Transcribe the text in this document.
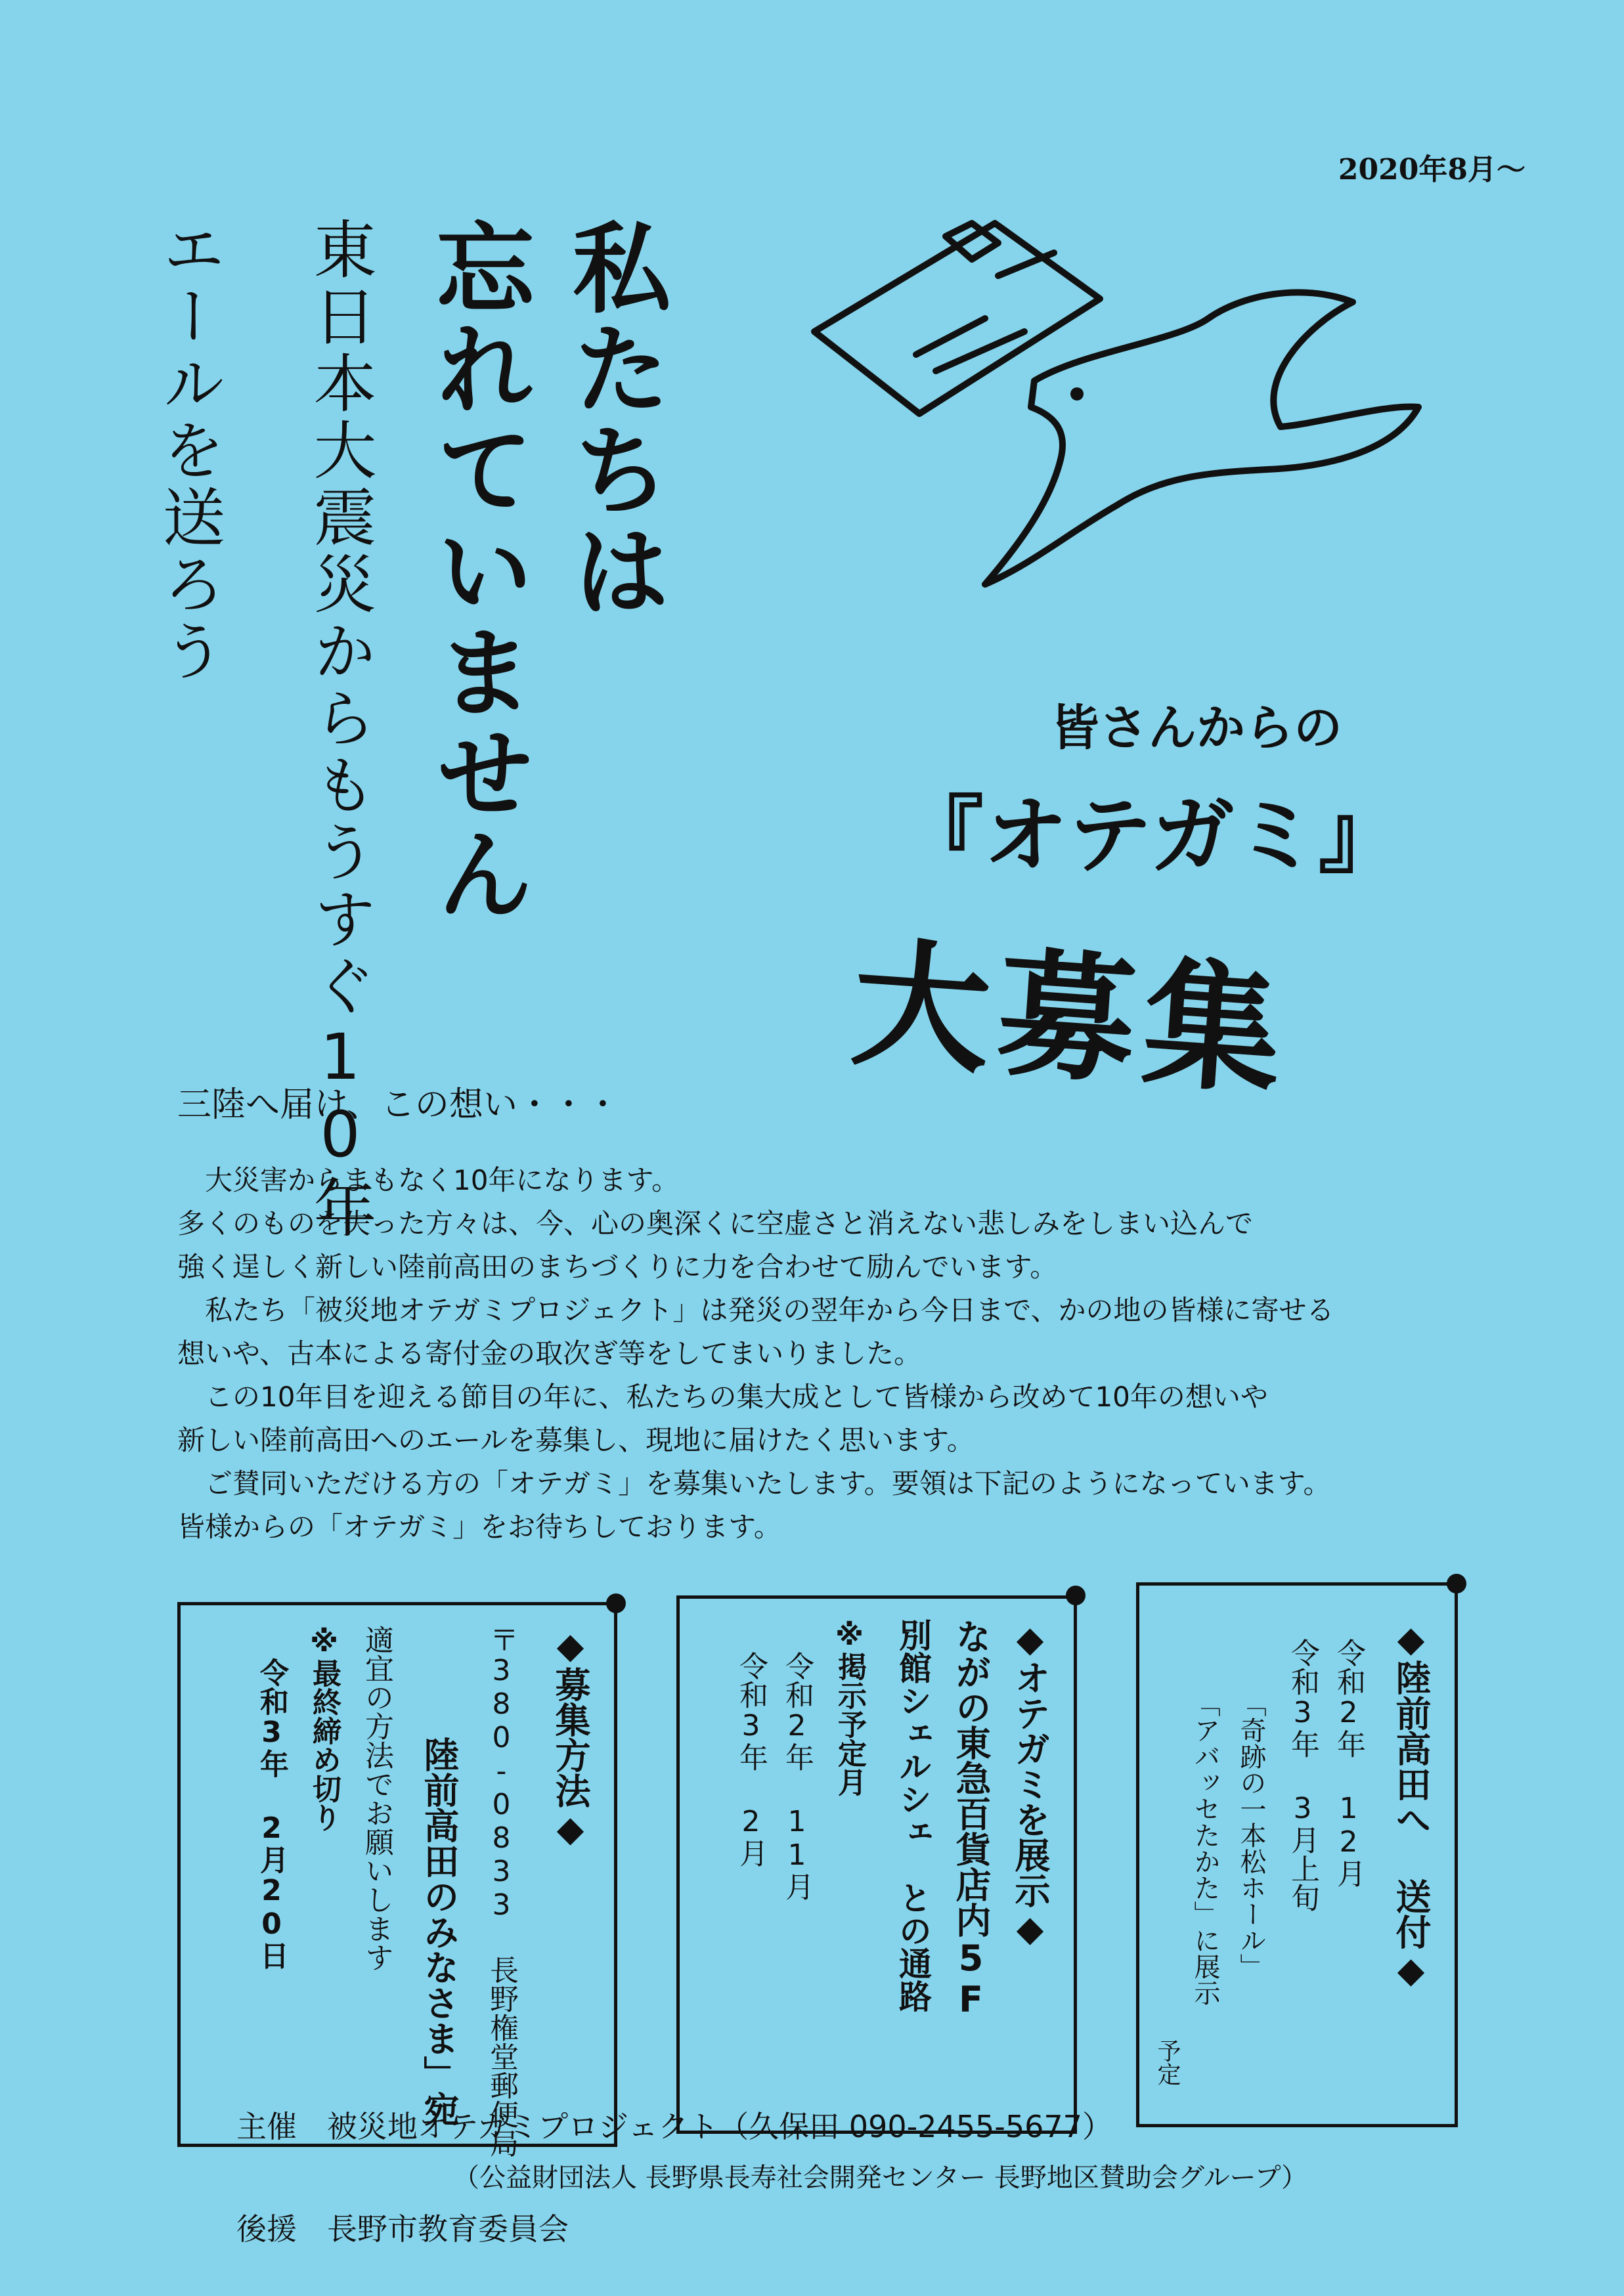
2020年8月〜
私たちは
忘れていません
東日本大震災からもうすぐ10年
エールを送ろう
皆さんからの
『オテガミ』
大募集
三陸へ届け、この想い・・・

　大災害からまもなく10年になります。

多くのものを失った方々は、今、心の奥深くに空虚さと消えない悲しみをしまい込んで

強く逞しく新しい陸前高田のまちづくりに力を合わせて励んでいます。

　私たち「被災地オテガミプロジェクト」は発災の翌年から今日まで、かの地の皆様に寄せる

想いや、古本による寄付金の取次ぎ等をしてまいりました。

　この10年目を迎える節目の年に、私たちの集大成として皆様から改めて10年の想いや

新しい陸前高田へのエールを募集し、現地に届けたく思います。

　ご賛同いただける方の「オテガミ」を募集いたします。要領は下記のようになっています。

皆様からの「オテガミ」をお待ちしております。

◆募集方法◆
〒380-0833 長野権堂郵便局
陸前高田のみなさま」宛
適宜の方法でお願いします
※最終締め切り
令和3年 2月20日	◆オテガミを展示◆
ながの東急百貨店内5F
別館シェルシェ　との通路
※掲示予定月
令和2年 11月
令和3年 2月	◆陸前高田へ 送付◆
令和2年 12月
令和3年 3月上旬
「奇跡の一本松ホール」
「アバッセたかた」に展示
予定
主催　被災地オテガミプロジェクト（久保田 090-2455-5677）
（公益財団法人 長野県長寿社会開発センター 長野地区賛助会グループ）
後援　長野市教育委員会
